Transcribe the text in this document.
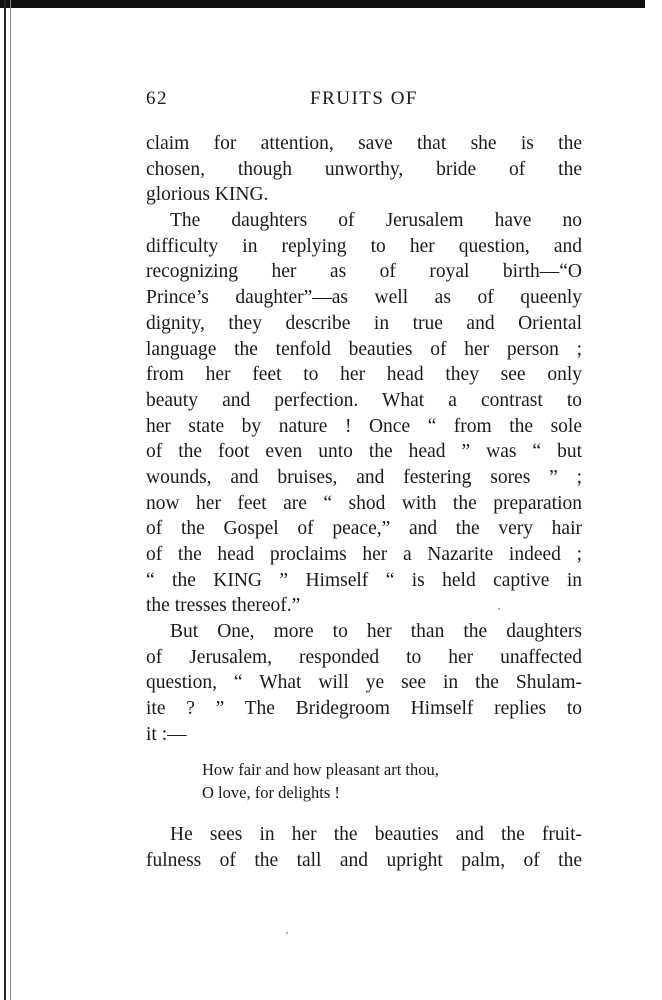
62	FRUITS OF
claim for attention, save that she is the
chosen, though unworthy, bride of the
glorious KING.
The daughters of Jerusalem have no
difficulty in replying to her question, and
recognizing her as of royal birth—“O
Prince’s daughter”—as well as of queenly
dignity, they describe in true and Oriental
language the tenfold beauties of her person ;
from her feet to her head they see only
beauty and perfection. What a contrast to
her state by nature ! Once “ from the sole
of the foot even unto the head ” was “ but
wounds, and bruises, and festering sores ” ;
now her feet are “ shod with the preparation
of the Gospel of peace,” and the very hair
of the head proclaims her a Nazarite indeed ;
“ the KING ” Himself “ is held captive in
the tresses thereof.”
But One, more to her than the daughters
of Jerusalem, responded to her unaffected
question, “ What will ye see in the Shulam-
ite ? ” The Bridegroom Himself replies to
it :—
How fair and how pleasant art thou,
O love, for delights !
He sees in her the beauties and the fruit-
fulness of the tall and upright palm, of the
